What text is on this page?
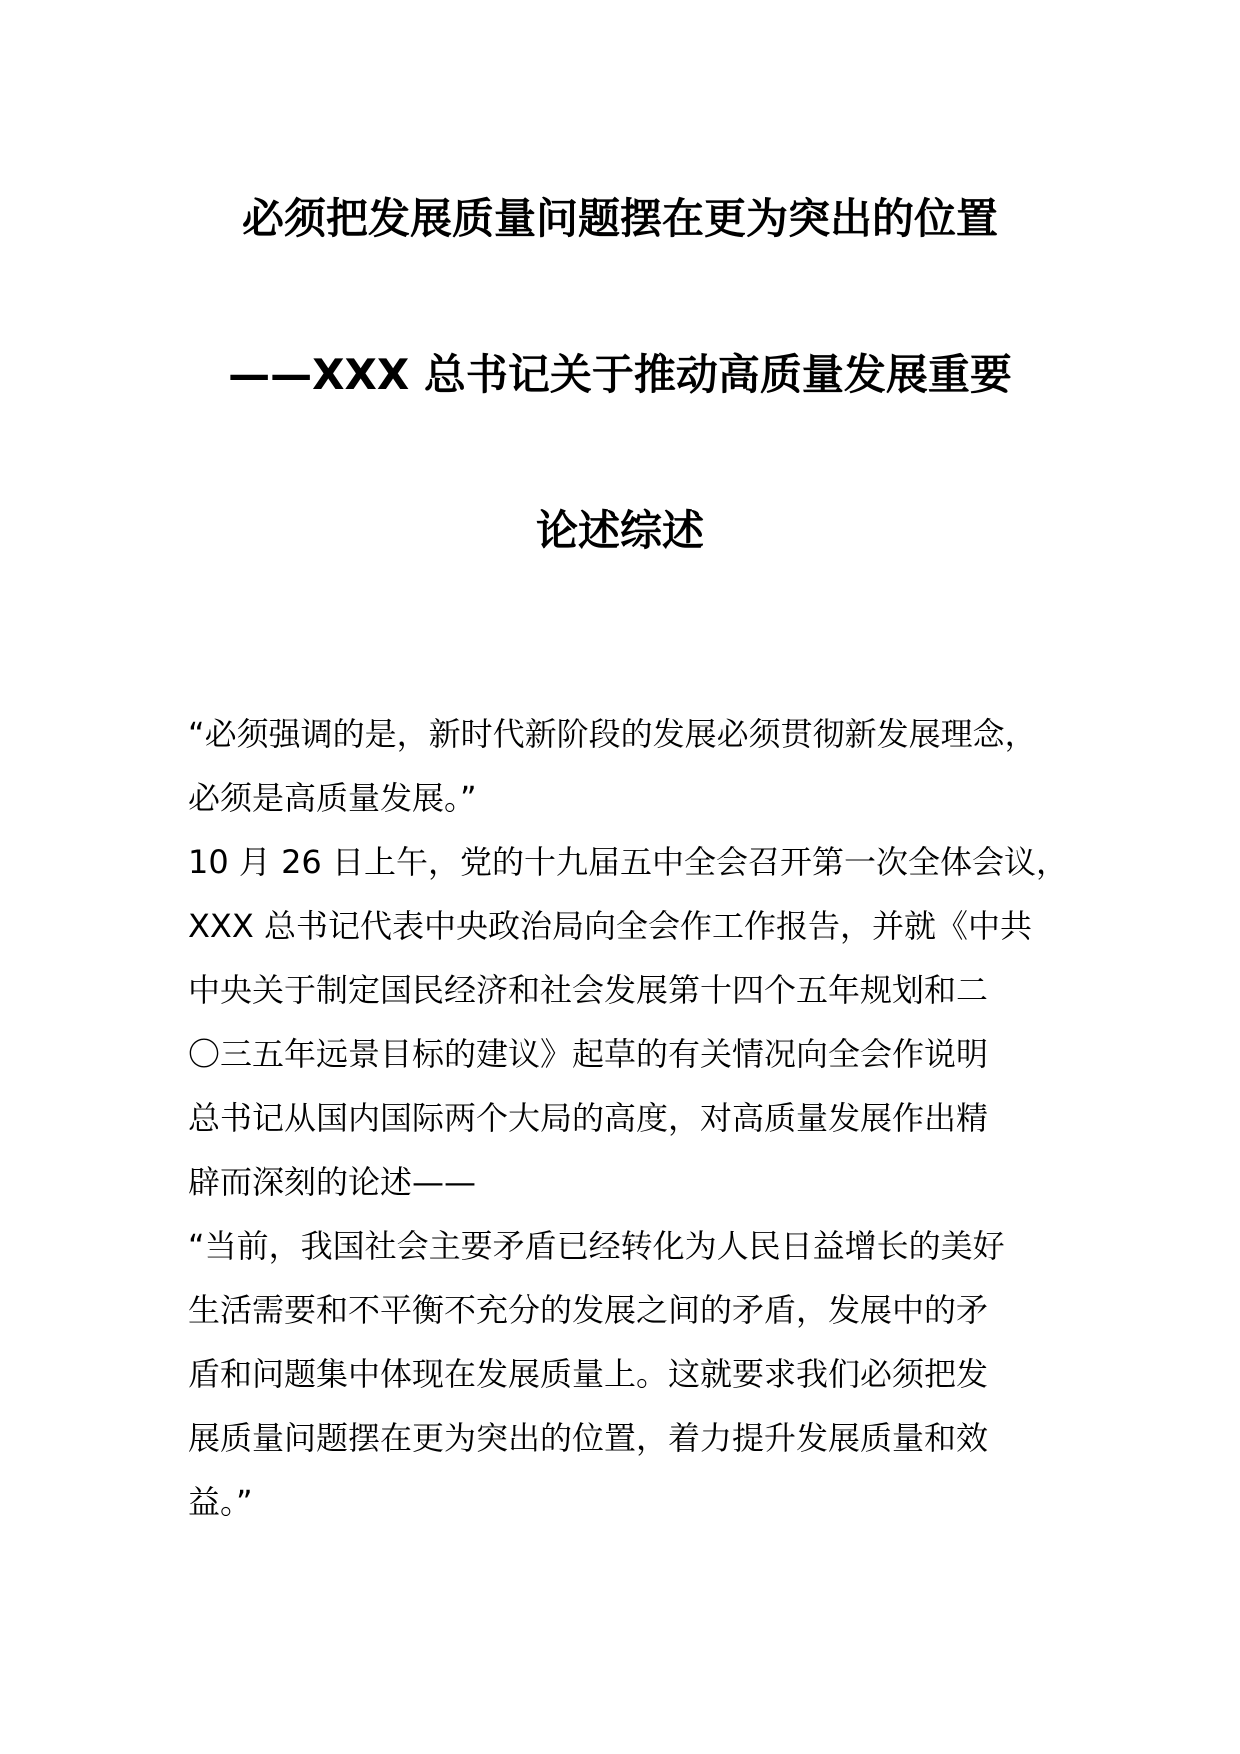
必须把发展质量问题摆在更为突出的位置
——XXX 总书记关于推动高质量发展重要
论述综述
“必须强调的是，新时代新阶段的发展必须贯彻新发展理念，
必须是高质量发展。”
10 月 26 日上午，党的十九届五中全会召开第一次全体会议，
XXX 总书记代表中央政治局向全会作工作报告，并就《中共
中央关于制定国民经济和社会发展第十四个五年规划和二
〇三五年远景目标的建议》起草的有关情况向全会作说明
总书记从国内国际两个大局的高度，对高质量发展作出精
辟而深刻的论述——
“当前，我国社会主要矛盾已经转化为人民日益增长的美好
生活需要和不平衡不充分的发展之间的矛盾，发展中的矛
盾和问题集中体现在发展质量上。这就要求我们必须把发
展质量问题摆在更为突出的位置，着力提升发展质量和效
益。”
